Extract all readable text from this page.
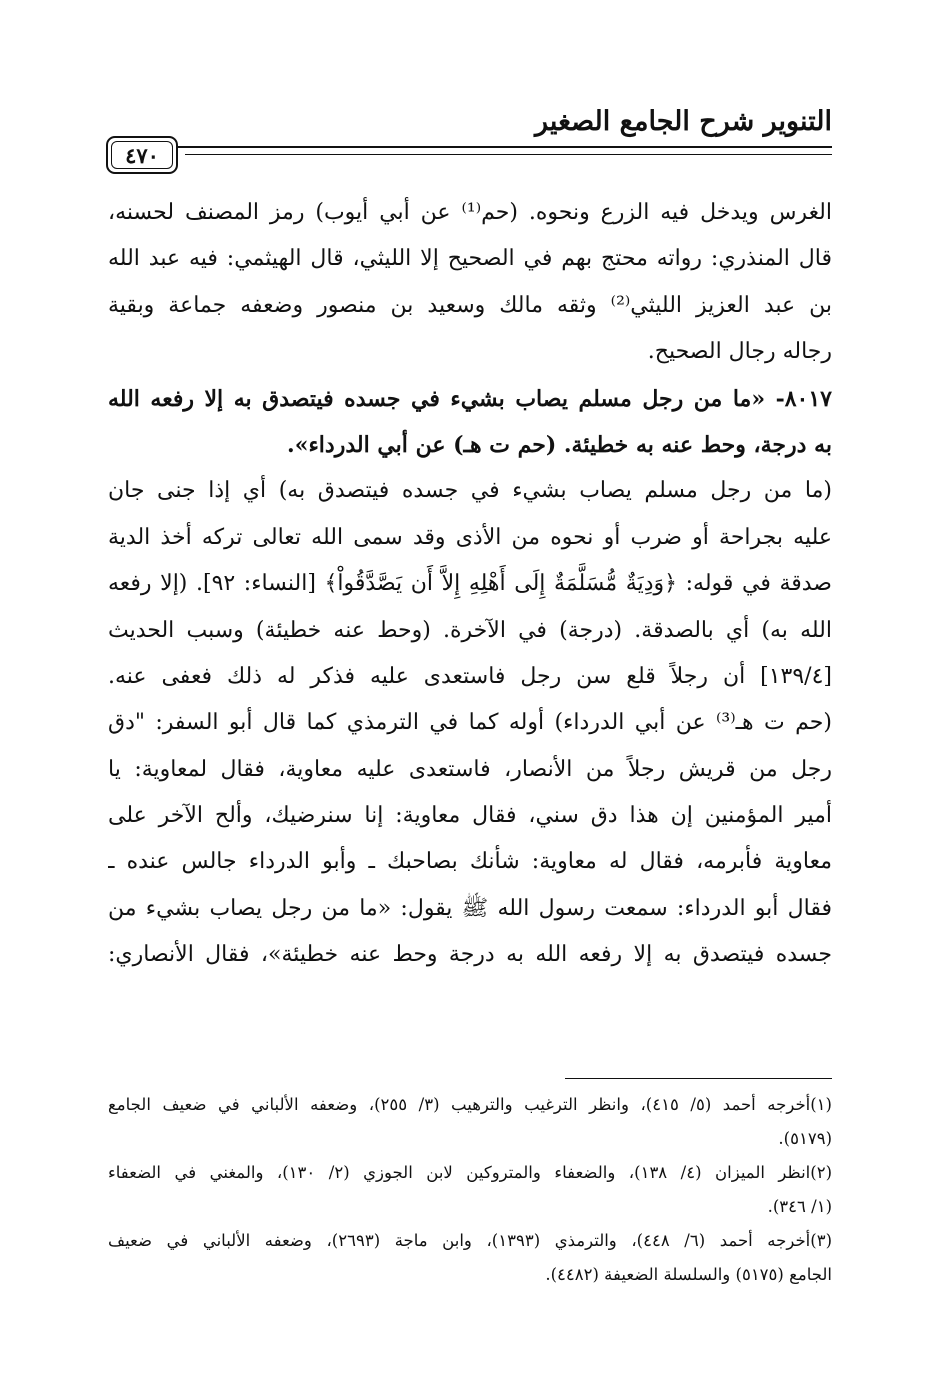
التنوير شرح الجامع الصغير
٤٧٠
الغرس ويدخل فيه الزرع ونحوه. (حم⁽¹⁾ عن أبي أيوب) رمز المصنف لحسنه،
قال المنذري: رواته محتج بهم في الصحيح إلا الليثي، قال الهيثمي: فيه عبد الله
بن عبد العزيز الليثي⁽²⁾ وثقه مالك وسعيد بن منصور وضعفه جماعة وبقية
رجاله رجال الصحيح.
٨٠١٧- «ما من رجل مسلم يصاب بشيء في جسده فيتصدق به إلا رفعه الله
به درجة، وحط عنه به خطيئة. (حم ت هـ) عن أبي الدرداء».
(ما من رجل مسلم يصاب بشيء في جسده فيتصدق به) أي إذا جنى جان
عليه بجراحة أو ضرب أو نحوه من الأذى وقد سمى الله تعالى تركه أخذ الدية
صدقة في قوله: ﴿وَدِيَةٌ مُّسَلَّمَةٌ إِلَى أَهْلِهِ إِلاَّ أَن يَصَّدَّقُواْ﴾ [النساء: ٩٢]. (إلا رفعه
الله به) أي بالصدقة. (درجة) في الآخرة. (وحط عنه خطيئة) وسبب الحديث
[١٣٩/٤] أن رجلاً قلع سن رجل فاستعدى عليه فذكر له ذلك فعفى عنه.
(حم ت هـ⁽³⁾ عن أبي الدرداء) أوله كما في الترمذي كما قال أبو السفر: "دق
رجل من قريش رجلاً من الأنصار، فاستعدى عليه معاوية، فقال لمعاوية: يا
أمير المؤمنين إن هذا دق سني، فقال معاوية: إنا سنرضيك، وألح الآخر على
معاوية فأبرمه، فقال له معاوية: شأنك بصاحبك ـ وأبو الدرداء جالس عنده ـ
فقال أبو الدرداء: سمعت رسول الله ﷺ يقول: «ما من رجل يصاب بشيء من
جسده فيتصدق به إلا رفعه الله به درجة وحط عنه خطيئة»، فقال الأنصاري:
(١)أخرجه أحمد (٥/ ٤١٥)، وانظر الترغيب والترهيب (٣/ ٢٥٥)، وضعفه الألباني في ضعيف الجامع
(٥١٧٩).
(٢)انظر الميزان (٤/ ١٣٨)، والضعفاء والمتروكين لابن الجوزي (٢/ ١٣٠)، والمغني في الضعفاء
(١/ ٣٤٦).
(٣)أخرجه أحمد (٦/ ٤٤٨)، والترمذي (١٣٩٣)، وابن ماجة (٢٦٩٣)، وضعفه الألباني في ضعيف
الجامع (٥١٧٥) والسلسلة الضعيفة (٤٤٨٢).
